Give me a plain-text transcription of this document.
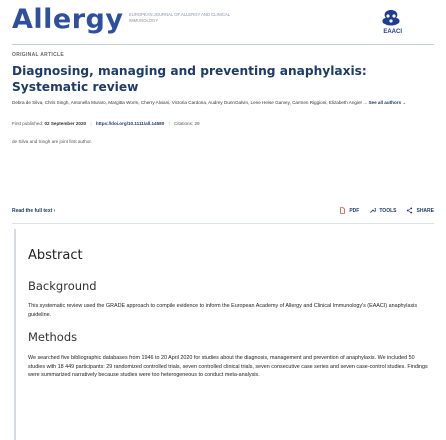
Allergy EUROPEAN JOURNAL OF ALLERGY AND CLINICAL IMMUNOLOGY
EAACI
ORIGINAL ARTICLE
Diagnosing, managing and preventing anaphylaxis: Systematic review
Debra de Silva, Chris Singh, Antonella Muraro, Margitta Worm, Cherry Alviani, Victoria Cardona, Audrey DunnGalvin, Lene Heise Garvey, Carmen Riggioni, Elizabeth Angier ... See all authors ⌄
First published: 02 September 2020 | https://doi.org/10.1111/all.14580 | Citations: 29
de Silva and Singh are joint first author.
Read the full text ›	PDF	TOOLS	SHARE
Abstract
Background
This systematic review used the GRADE approach to compile evidence to inform the European Academy of Allergy and Clinical Immunology's (EAACI) anaphylaxis guideline.
Methods
We searched five bibliographic databases from 1946 to 20 April 2020 for studies about the diagnosis, management and prevention of anaphylaxis. We included 50 studies with 18 449 participants: 29 randomized controlled trials, seven controlled clinical trials, seven consecutive case series and seven case-control studies. Findings were summarized narratively because studies were too heterogeneous to conduct meta-analysis.
